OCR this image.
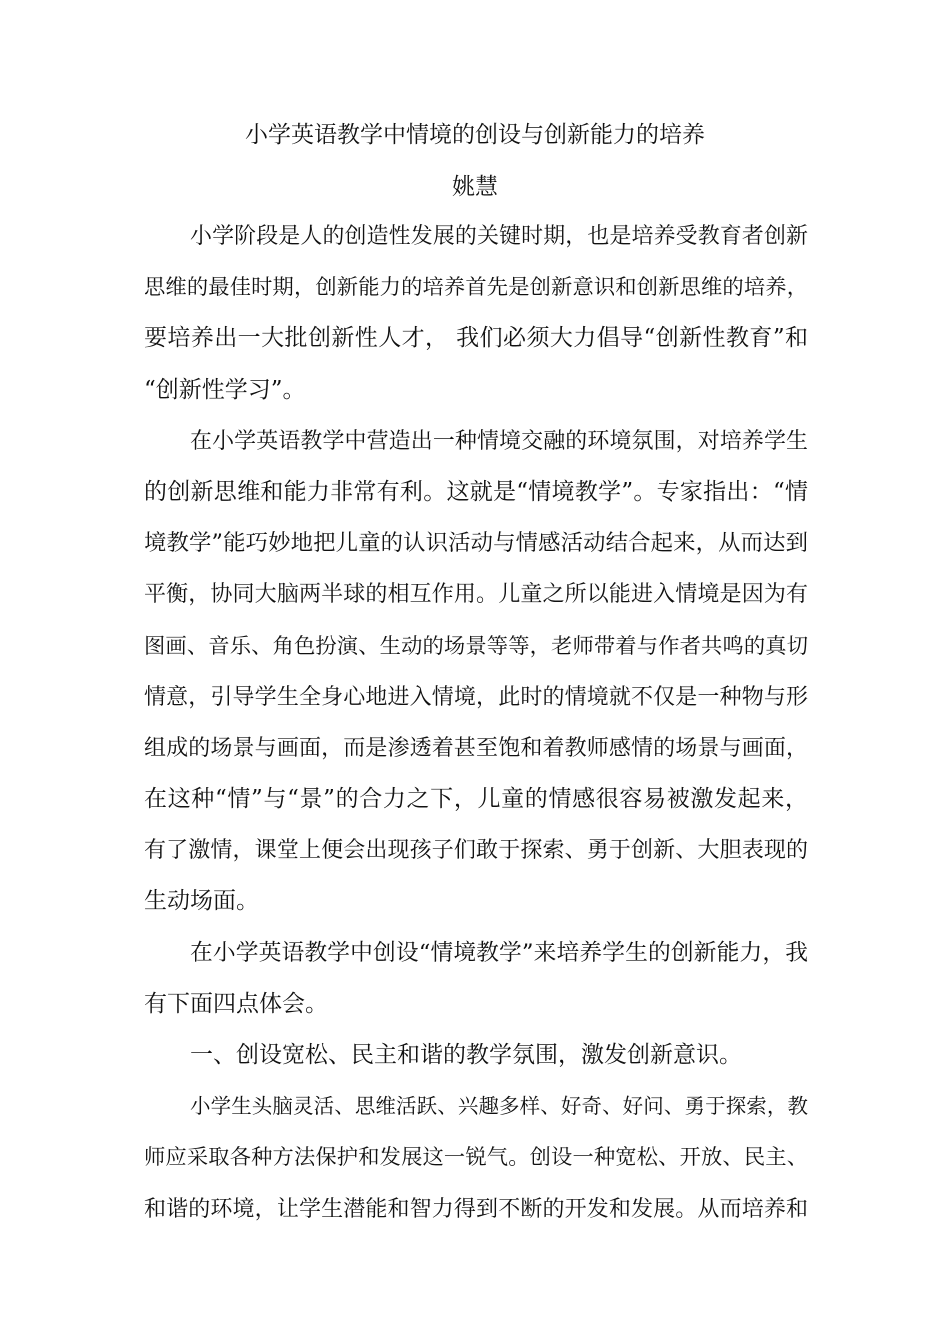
小学英语教学中情境的创设与创新能力的培养
姚慧
小学阶段是人的创造性发展的关键时期，也是培养受教育者创新
思维的最佳时期，创新能力的培养首先是创新意识和创新思维的培养，
要培养出一大批创新性人才， 我们必须大力倡导“创新性教育”和
“创新性学习”。
在小学英语教学中营造出一种情境交融的环境氛围，对培养学生
的创新思维和能力非常有利。这就是“情境教学”。专家指出：“情
境教学”能巧妙地把儿童的认识活动与情感活动结合起来，从而达到
平衡，协同大脑两半球的相互作用。儿童之所以能进入情境是因为有
图画、音乐、角色扮演、生动的场景等等，老师带着与作者共鸣的真切
情意，引导学生全身心地进入情境，此时的情境就不仅是一种物与形
组成的场景与画面，而是渗透着甚至饱和着教师感情的场景与画面，
在这种“情”与“景”的合力之下，儿童的情感很容易被激发起来，
有了激情，课堂上便会出现孩子们敢于探索、勇于创新、大胆表现的
生动场面。
在小学英语教学中创设“情境教学”来培养学生的创新能力，我
有下面四点体会。
一、创设宽松、民主和谐的教学氛围，激发创新意识。
小学生头脑灵活、思维活跃、兴趣多样、好奇、好问、勇于探索，教
师应采取各种方法保护和发展这一锐气。创设一种宽松、开放、民主、
和谐的环境，让学生潜能和智力得到不断的开发和发展。从而培养和
